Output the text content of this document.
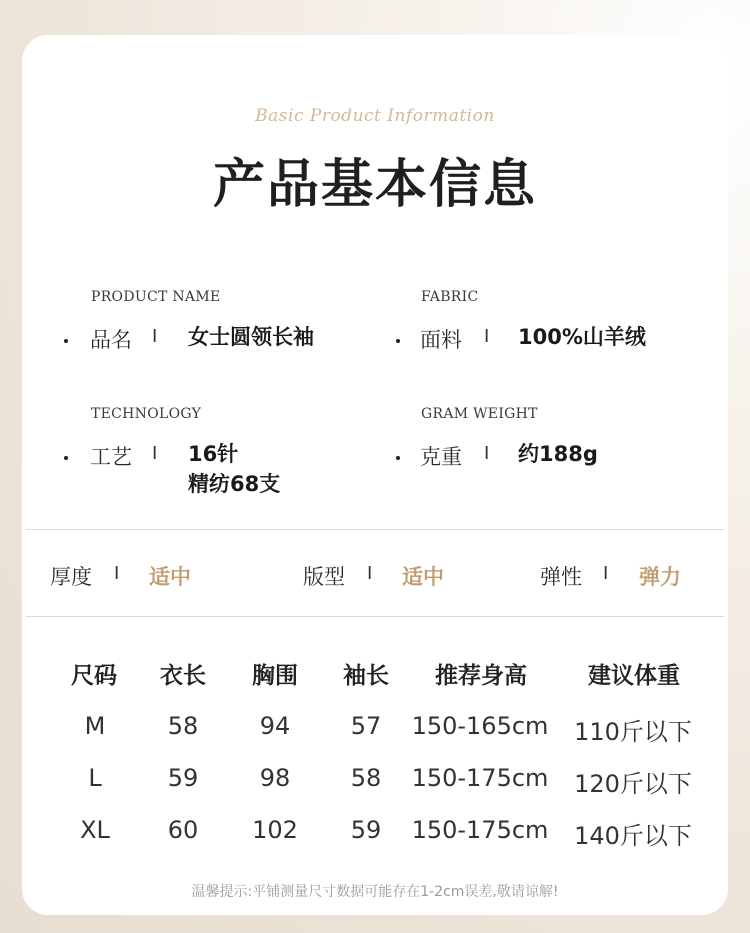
Basic Product Information
产品基本信息
PRODUCT NAME
品名 I 女士圆领长袖
FABRIC
面料 I 100%山羊绒
TECHNOLOGY
工艺 I 16针
精纺68支
GRAM WEIGHT
克重 I 约188g
厚度 I 适中	版型 I 适中	弹性 I 弹力
尺码 衣长 胸围 袖长 推荐身高	建议体重
M	58	94	57 150-165cm 110斤以下
L	59	98	58 150-175cm 120斤以下
XL 60 102 59 150-175cm 140斤以下
温馨提示:平铺测量尺寸数据可能存在1-2cm误差,敬请谅解!
